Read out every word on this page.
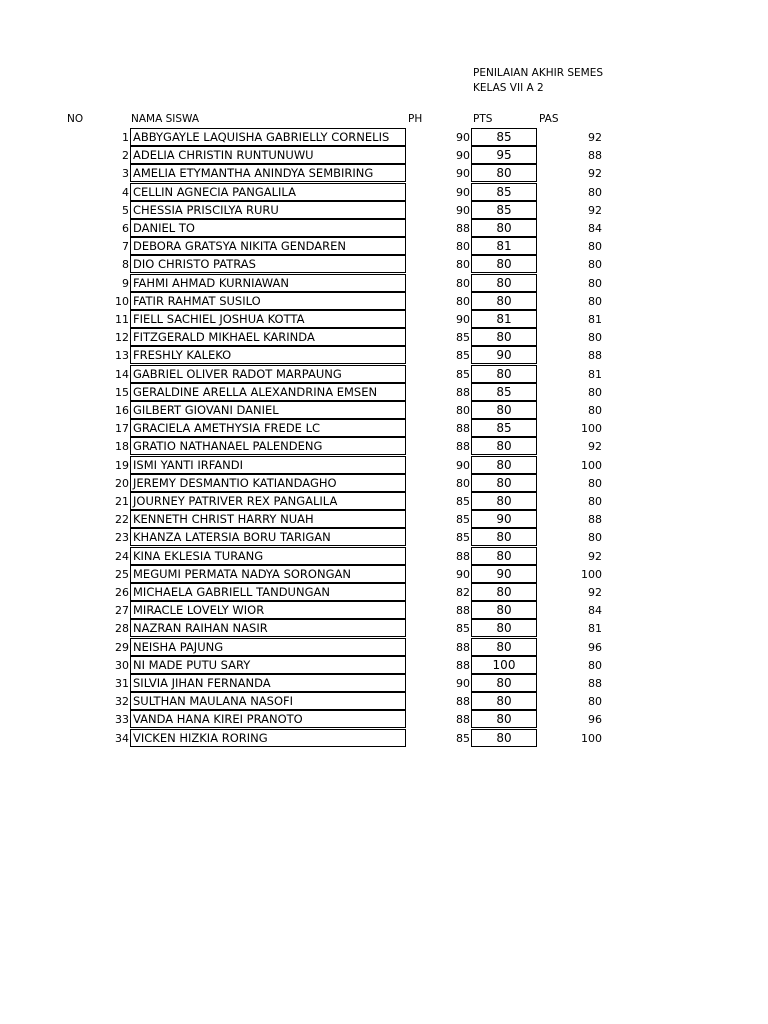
PENILAIAN AKHIR SEMES
KELAS VII A 2
NO	NAMA SISWA	PH	PTS	PAS
1 ABBYGAYLE LAQUISHA GABRIELLY CORNELIS	90	85	92
2 ADELIA CHRISTIN RUNTUNUWU	90	95	88
3 AMELIA ETYMANTHA ANINDYA SEMBIRING	90	80	92
4 CELLIN AGNECIA PANGALILA	90	85	80
5 CHESSIA PRISCILYA RURU	90	85	92
6 DANIEL TO	88	80	84
7 DEBORA GRATSYA NIKITA GENDAREN	80	81	80
8 DIO CHRISTO PATRAS	80	80	80
9 FAHMI AHMAD KURNIAWAN	80	80	80
10 FATIR RAHMAT SUSILO	80	80	80
11 FIELL SACHIEL JOSHUA KOTTA	90	81	81
12 FITZGERALD MIKHAEL KARINDA	85	80	80
13 FRESHLY KALEKO	85	90	88
14 GABRIEL OLIVER RADOT MARPAUNG	85	80	81
15 GERALDINE ARELLA ALEXANDRINA EMSEN	88	85	80
16 GILBERT GIOVANI DANIEL	80	80	80
17 GRACIELA AMETHYSIA FREDE LC	88	85	100
18 GRATIO NATHANAEL PALENDENG	88	80	92
19 ISMI YANTI IRFANDI	90	80	100
20 JEREMY DESMANTIO KATIANDAGHO	80	80	80
21 JOURNEY PATRIVER REX PANGALILA	85	80	80
22 KENNETH CHRIST HARRY NUAH	85	90	88
23 KHANZA LATERSIA BORU TARIGAN	85	80	80
24 KINA EKLESIA TURANG	88	80	92
25 MEGUMI PERMATA NADYA SORONGAN	90	90	100
26 MICHAELA GABRIELL TANDUNGAN	82	80	92
27 MIRACLE LOVELY WIOR	88	80	84
28 NAZRAN RAIHAN NASIR	85	80	81
29 NEISHA PAJUNG	88	80	96
30 NI MADE PUTU SARY	88	100	80
31 SILVIA JIHAN FERNANDA	90	80	88
32 SULTHAN MAULANA NASOFI	88	80	80
33 VANDA HANA KIREI PRANOTO	88	80	96
34 VICKEN HIZKIA RORING	85	80	100
